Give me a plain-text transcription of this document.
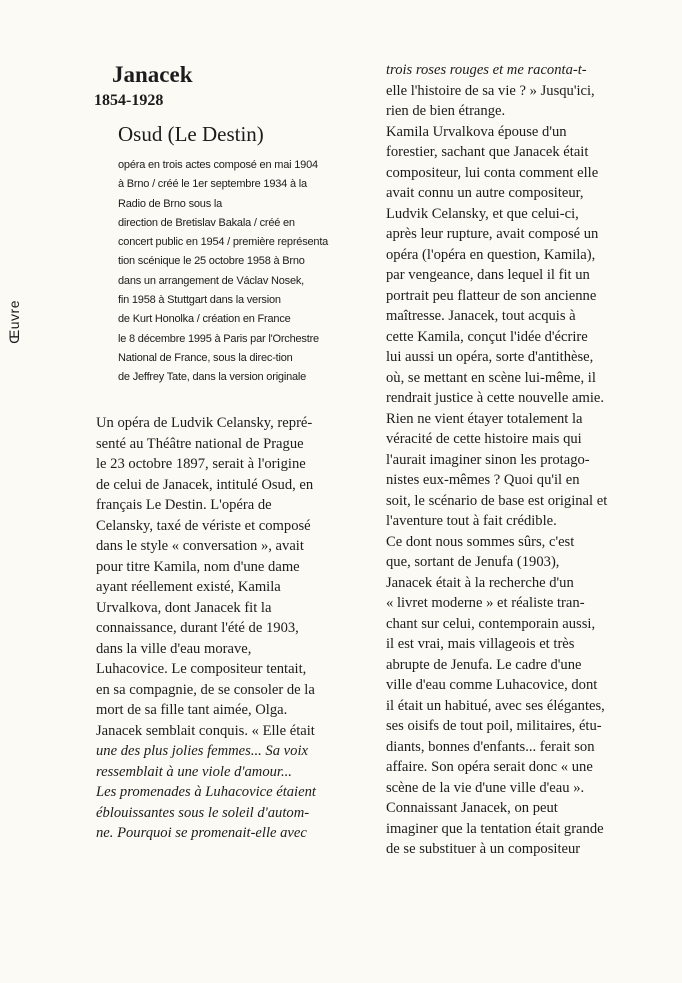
Œuvre
Janacek
1854-1928
Osud (Le Destin)
opéra en trois actes composé en mai 1904
à Brno / créé le 1er septembre 1934 à la
Radio de Brno sous la
direction de Bretislav Bakala / créé en
concert public en 1954 / première représenta
tion scénique le 25 octobre 1958 à Brno
dans un arrangement de Václav Nosek,
fin 1958 à Stuttgart dans la version
de Kurt Honolka / création en France
le 8 décembre 1995 à Paris par l'Orchestre
National de France, sous la direc-tion
de Jeffrey Tate, dans la version originale
Un opéra de Ludvik Celansky, repré-
senté au Théâtre national de Prague
le 23 octobre 1897, serait à l'origine
de celui de Janacek, intitulé Osud, en
français Le Destin. L'opéra de
Celansky, taxé de vériste et composé
dans le style « conversation », avait
pour titre Kamila, nom d'une dame
ayant réellement existé, Kamila
Urvalkova, dont Janacek fit la
connaissance, durant l'été de 1903,
dans la ville d'eau morave,
Luhacovice. Le compositeur tentait,
en sa compagnie, de se consoler de la
mort de sa fille tant aimée, Olga.
Janacek semblait conquis. « Elle était
une des plus jolies femmes... Sa voix
ressemblait à une viole d'amour...
Les promenades à Luhacovice étaient
éblouissantes sous le soleil d'autom-
ne. Pourquoi se promenait-elle avec
trois roses rouges et me raconta-t-
elle l'histoire de sa vie ? » Jusqu'ici,
rien de bien étrange.
Kamila Urvalkova épouse d'un
forestier, sachant que Janacek était
compositeur, lui conta comment elle
avait connu un autre compositeur,
Ludvik Celansky, et que celui-ci,
après leur rupture, avait composé un
opéra (l'opéra en question, Kamila),
par vengeance, dans lequel il fit un
portrait peu flatteur de son ancienne
maîtresse. Janacek, tout acquis à
cette Kamila, conçut l'idée d'écrire
lui aussi un opéra, sorte d'antithèse,
où, se mettant en scène lui-même, il
rendrait justice à cette nouvelle amie.
Rien ne vient étayer totalement la
véracité de cette histoire mais qui
l'aurait imaginer sinon les protago-
nistes eux-mêmes ? Quoi qu'il en
soit, le scénario de base est original et
l'aventure tout à fait crédible.
Ce dont nous sommes sûrs, c'est
que, sortant de Jenufa (1903),
Janacek était à la recherche d'un
« livret moderne » et réaliste tran-
chant sur celui, contemporain aussi,
il est vrai, mais villageois et très
abrupte de Jenufa. Le cadre d'une
ville d'eau comme Luhacovice, dont
il était un habitué, avec ses élégantes,
ses oisifs de tout poil, militaires, étu-
diants, bonnes d'enfants... ferait son
affaire. Son opéra serait donc « une
scène de la vie d'une ville d'eau ».
Connaissant Janacek, on peut
imaginer que la tentation était grande
de se substituer à un compositeur
